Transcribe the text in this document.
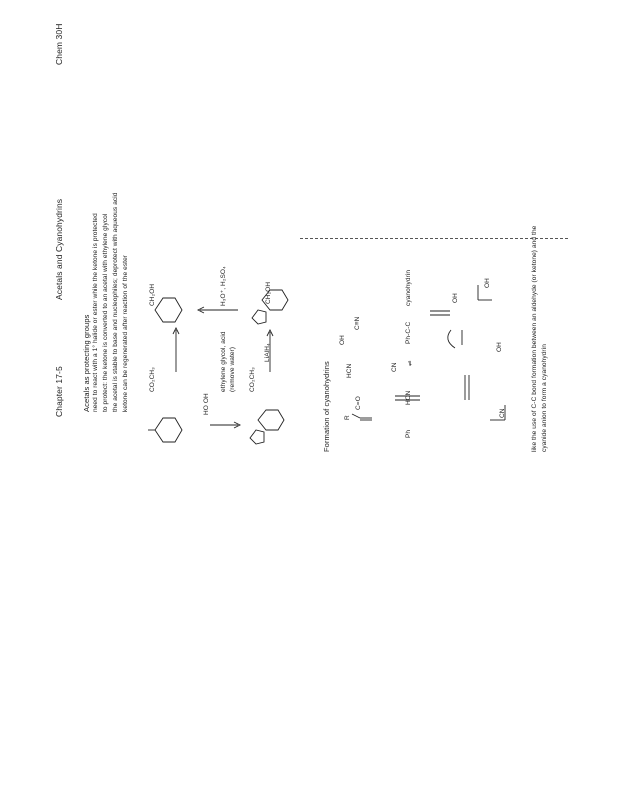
Chapter 17-5
Acetals and Cyanohydrins
Chem 30H
Acetals as protecting groups need to react with a 1° halide or ester while the ketone is protected to protect: the ketone is converted to an acetal with ethylene glycol the acetal is stable to base and nucleophiles; deprotect with aqueous acid ketone can be regenerated after reaction of the ester	CO₂CH₃
HO OH
ethylene glycol, acid (remove water) CO₂CH₃
LiAlH₄
CH₂OH	H₃O⁺, H₂SO₄	CH₂OH
Formation of cyanohydrins R
C=O
HCN
OH
C≡N
Ph
HCN
CN ⇌
Ph-C-C
cyanohydrin	OH
OH
OH
CN	like the use of C-C bond formation between an aldehyde (or ketone) and the cyanide anion to form a cyanohydrin
